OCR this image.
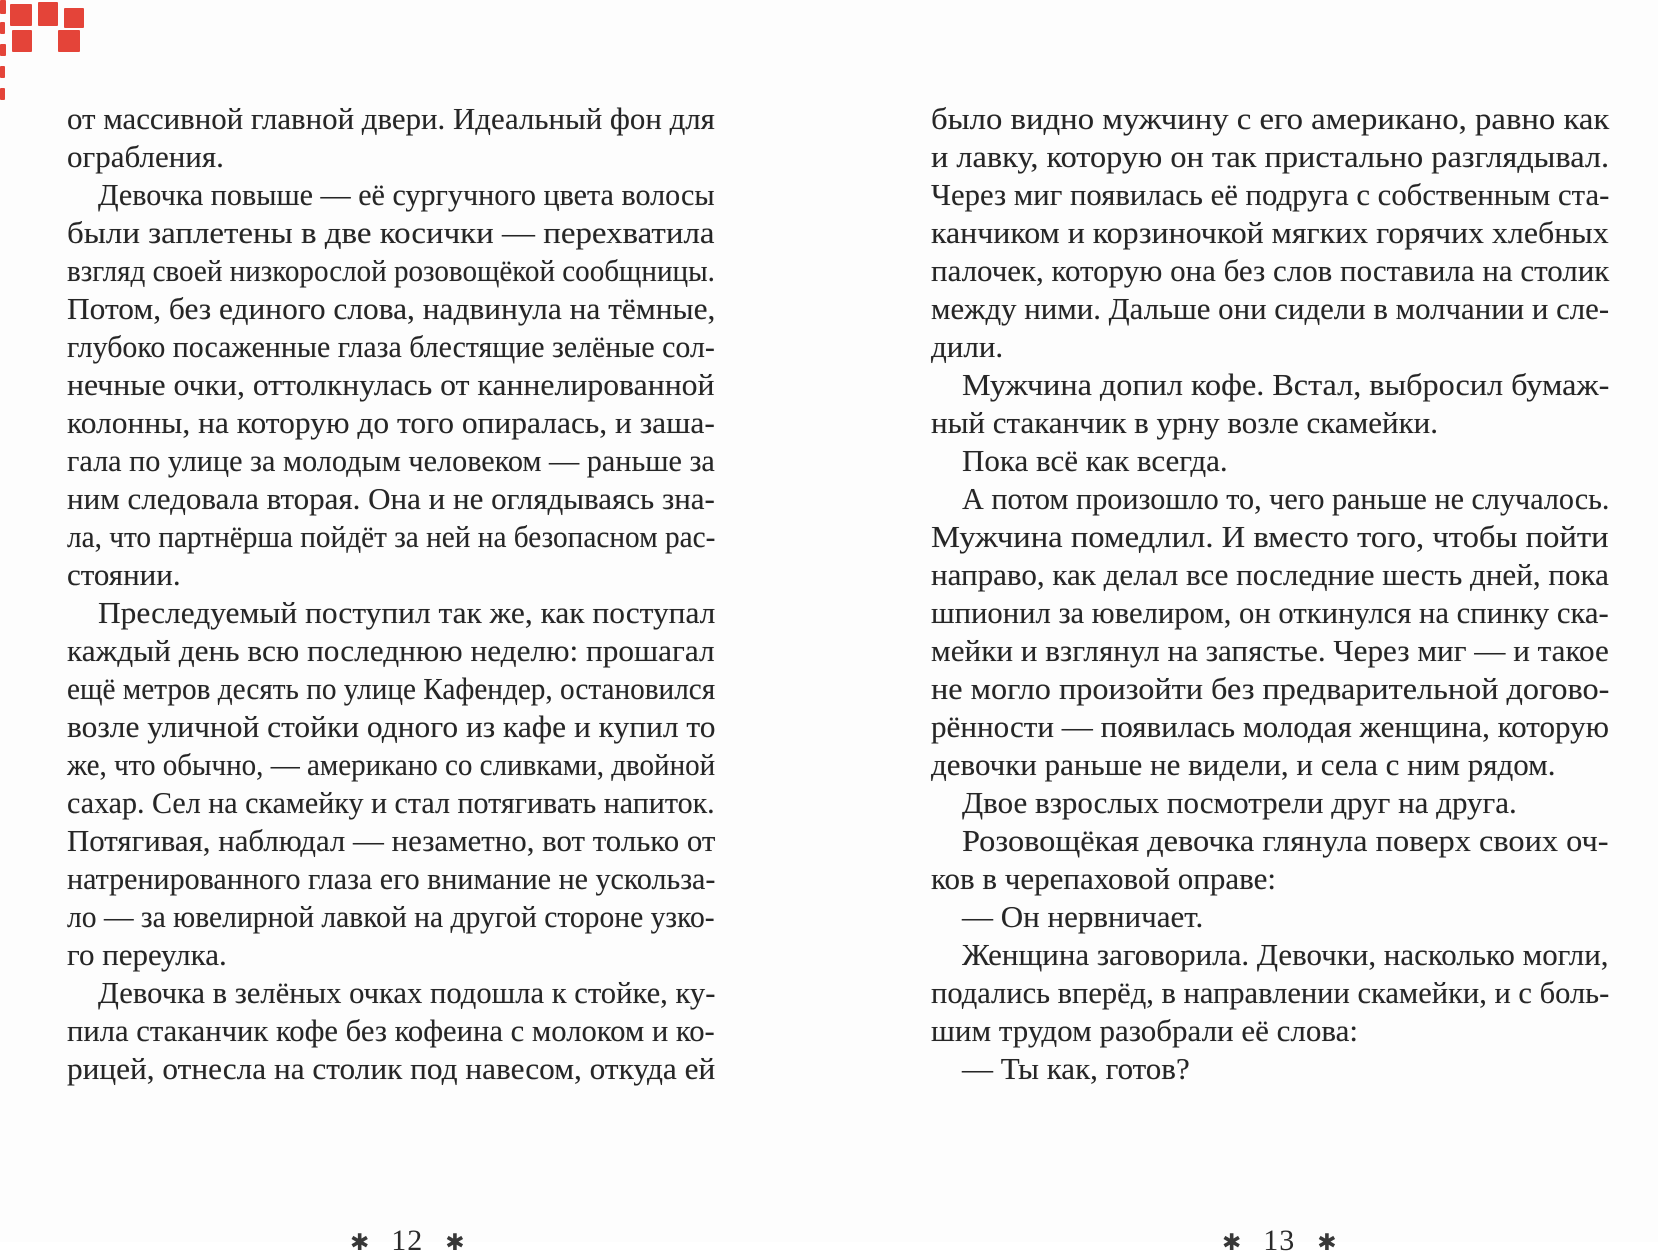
от массивной главной двери. Идеальный фон для
ограбления.
Девочка повыше — её сургучного цвета волосы
были заплетены в две косички — перехватила
взгляд своей низкорослой розовощёкой сообщницы.
Потом, без единого слова, надвинула на тёмные,
глубоко посаженные глаза блестящие зелёные сол-
нечные очки, оттолкнулась от каннелированной
колонны, на которую до того опиралась, и заша-
гала по улице за молодым человеком — раньше за
ним следовала вторая. Она и не оглядываясь зна-
ла, что партнёрша пойдёт за ней на безопасном рас-
стоянии.
Преследуемый поступил так же, как поступал
каждый день всю последнюю неделю: прошагал
ещё метров десять по улице Кафендер, остановился
возле уличной стойки одного из кафе и купил то
же, что обычно, — американо со сливками, двойной
сахар. Сел на скамейку и стал потягивать напиток.
Потягивая, наблюдал — незаметно, вот только от
натренированного глаза его внимание не ускольза-
ло — за ювелирной лавкой на другой стороне узко-
го переулка.
Девочка в зелёных очках подошла к стойке, ку-
пила стаканчик кофе без кофеина с молоком и ко-
рицей, отнесла на столик под навесом, откуда ей
было видно мужчину с его американо, равно как
и лавку, которую он так пристально разглядывал.
Через миг появилась её подруга с собственным ста-
канчиком и корзиночкой мягких горячих хлебных
палочек, которую она без слов поставила на столик
между ними. Дальше они сидели в молчании и сле-
дили.
Мужчина допил кофе. Встал, выбросил бумаж-
ный стаканчик в урну возле скамейки.
Пока всё как всегда.
А потом произошло то, чего раньше не случалось.
Мужчина помедлил. И вместо того, чтобы пойти
направо, как делал все последние шесть дней, пока
шпионил за ювелиром, он откинулся на спинку ска-
мейки и взглянул на запястье. Через миг — и такое
не могло произойти без предварительной догово-
рённости — появилась молодая женщина, которую
девочки раньше не видели, и села с ним рядом.
Двое взрослых посмотрели друг на друга.
Розовощёкая девочка глянула поверх своих оч-
ков в черепаховой оправе:
— Он нервничает.
Женщина заговорила. Девочки, насколько могли,
подались вперёд, в направлении скамейки, и с боль-
шим трудом разобрали её слова:
— Ты как, готов?
✱ 12 ✱	✱ 13 ✱
